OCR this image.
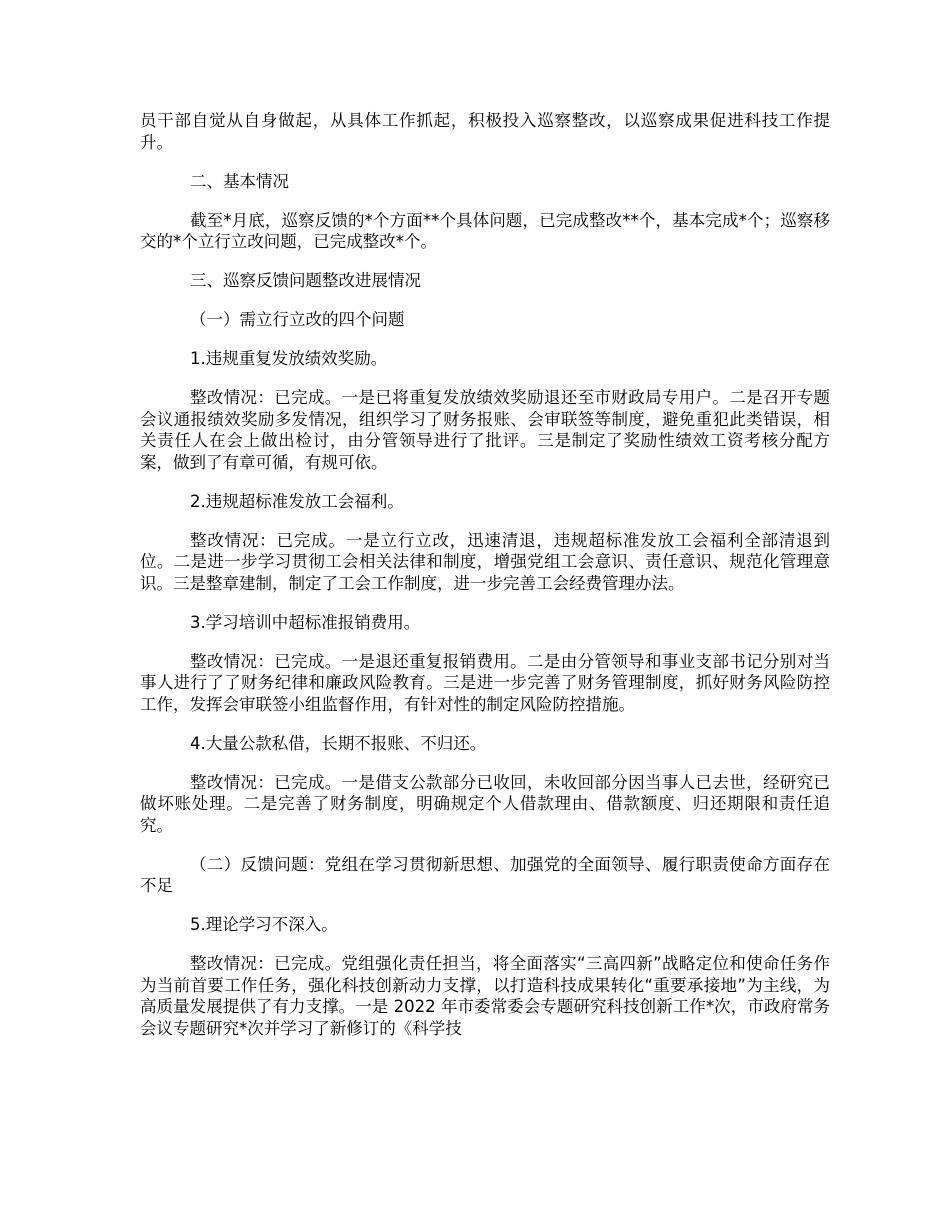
员干部自觉从自身做起，从具体工作抓起，积极投入巡察整改，以巡察成果促进科技工作提升。

二、基本情况

截至*月底，巡察反馈的*个方面**个具体问题，已完成整改**个，基本完成*个；巡察移交的*个立行立改问题，已完成整改*个。

三、巡察反馈问题整改进展情况

（一）需立行立改的四个问题

1.违规重复发放绩效奖励。

整改情况：已完成。一是已将重复发放绩效奖励退还至市财政局专用户。二是召开专题会议通报绩效奖励多发情况，组织学习了财务报账、会审联签等制度，避免重犯此类错误，相关责任人在会上做出检讨，由分管领导进行了批评。三是制定了奖励性绩效工资考核分配方案，做到了有章可循，有规可依。

2.违规超标准发放工会福利。

整改情况：已完成。一是立行立改，迅速清退，违规超标准发放工会福利全部清退到位。二是进一步学习贯彻工会相关法律和制度，增强党组工会意识、责任意识、规范化管理意识。三是整章建制，制定了工会工作制度，进一步完善工会经费管理办法。

3.学习培训中超标准报销费用。

整改情况：已完成。一是退还重复报销费用。二是由分管领导和事业支部书记分别对当事人进行了了财务纪律和廉政风险教育。三是进一步完善了财务管理制度，抓好财务风险防控工作，发挥会审联签小组监督作用，有针对性的制定风险防控措施。

4.大量公款私借，长期不报账、不归还。

整改情况：已完成。一是借支公款部分已收回，未收回部分因当事人已去世，经研究已做坏账处理。二是完善了财务制度，明确规定个人借款理由、借款额度、归还期限和责任追究。

（二）反馈问题：党组在学习贯彻新思想、加强党的全面领导、履行职责使命方面存在不足

5.理论学习不深入。

整改情况：已完成。党组强化责任担当，将全面落实“三高四新”战略定位和使命任务作为当前首要工作任务，强化科技创新动力支撑，以打造科技成果转化“重要承接地”为主线，为高质量发展提供了有力支撑。一是 2022 年市委常委会专题研究科技创新工作*次，市政府常务会议专题研究*次并学习了新修订的《科学技
